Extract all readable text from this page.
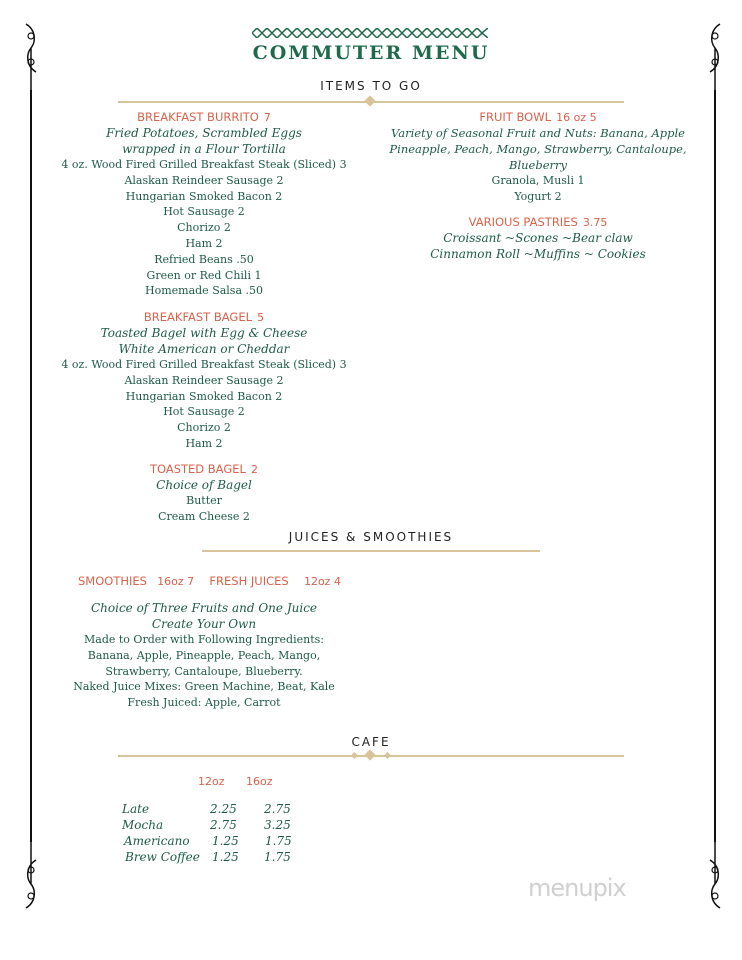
COMMUTER MENU
ITEMS TO GO
BREAKFAST BURRITO 7
Fried Potatoes, Scrambled Eggs
wrapped in a Flour Tortilla
4 oz. Wood Fired Grilled Breakfast Steak (Sliced) 3
Alaskan Reindeer Sausage 2
Hungarian Smoked Bacon 2
Hot Sausage 2
Chorizo 2
Ham 2
Refried Beans .50
Green or Red Chili 1
Homemade Salsa .50
BREAKFAST BAGEL 5
Toasted Bagel with Egg & Cheese
White American or Cheddar
4 oz. Wood Fired Grilled Breakfast Steak (Sliced) 3
Alaskan Reindeer Sausage 2
Hungarian Smoked Bacon 2
Hot Sausage 2
Chorizo 2
Ham 2
TOASTED BAGEL 2
Choice of Bagel
Butter
Cream Cheese 2
FRUIT BOWL 16 oz 5
Variety of Seasonal Fruit and Nuts: Banana, Apple
Pineapple, Peach, Mango, Strawberry, Cantaloupe,
Blueberry
Granola, Musli 1
Yogurt 2
VARIOUS PASTRIES 3.75
Croissant ~Scones ~Bear claw
Cinnamon Roll ~Muffins ~ Cookies
JUICES & SMOOTHIES
SMOOTHIES 16oz 7 FRESH JUICES 12oz 4
Choice of Three Fruits and One Juice
Create Your Own
Made to Order with Following Ingredients:
Banana, Apple, Pineapple, Peach, Mango,
Strawberry, Cantaloupe, Blueberry.
Naked Juice Mixes: Green Machine, Beat, Kale
Fresh Juiced: Apple, Carrot
CAFE
12oz 16oz
Late	2.25 2.75
Mocha	2.75 3.25
Americano 1.25 1.75
Brew Coffee 1.25 1.75
menupix
